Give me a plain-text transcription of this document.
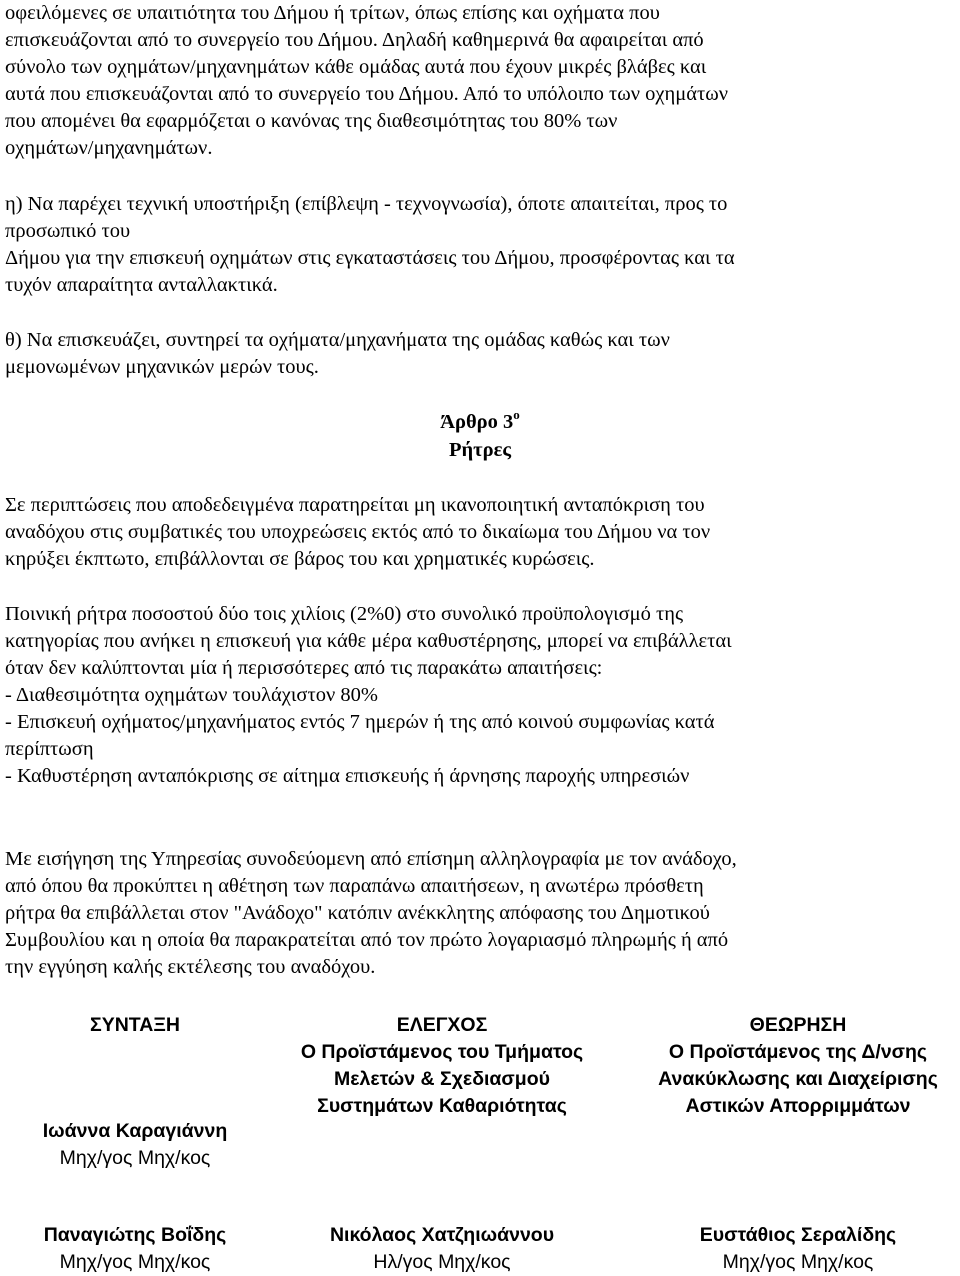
οφειλόμενες σε υπαιτιότητα του Δήμου ή τρίτων, όπως επίσης και οχήματα που
επισκευάζονται από το συνεργείο του Δήμου. Δηλαδή καθημερινά θα αφαιρείται από
σύνολο των οχημάτων/μηχανημάτων κάθε ομάδας αυτά που έχουν μικρές βλάβες και
αυτά που επισκευάζονται από το συνεργείο του Δήμου. Από το υπόλοιπο των οχημάτων
που απομένει θα εφαρμόζεται ο κανόνας της διαθεσιμότητας του 80% των
οχημάτων/μηχανημάτων.
η) Να παρέχει τεχνική υποστήριξη (επίβλεψη - τεχνογνωσία), όποτε απαιτείται, προς το
προσωπικό του
Δήμου για την επισκευή οχημάτων στις εγκαταστάσεις του Δήμου, προσφέροντας και τα
τυχόν απαραίτητα ανταλλακτικά.
θ) Να επισκευάζει, συντηρεί τα οχήματα/μηχανήματα της ομάδας καθώς και των
μεμονωμένων μηχανικών μερών τους.
Άρθρο $3^o$
Ρήτρες
Σε περιπτώσεις που αποδεδειγμένα παρατηρείται μη ικανοποιητική ανταπόκριση του
αναδόχου στις συμβατικές του υποχρεώσεις εκτός από το δικαίωμα του Δήμου να τον
κηρύξει έκπτωτο, επιβάλλονται σε βάρος του και χρηματικές κυρώσεις.
Ποινική ρήτρα ποσοστού δύο τοις χιλίοις (2%0) στο συνολικό προϋπολογισμό της
κατηγορίας που ανήκει η επισκευή για κάθε μέρα καθυστέρησης, μπορεί να επιβάλλεται
όταν δεν καλύπτονται μία ή περισσότερες από τις παρακάτω απαιτήσεις:
- Διαθεσιμότητα οχημάτων τουλάχιστον 80%
- Επισκευή οχήματος/μηχανήματος εντός 7 ημερών ή της από κοινού συμφωνίας κατά
περίπτωση
- Καθυστέρηση ανταπόκρισης σε αίτημα επισκευής ή άρνησης παροχής υπηρεσιών
Με εισήγηση της Υπηρεσίας συνοδεύομενη από επίσημη αλληλογραφία με τον ανάδοχο,
από όπου θα προκύπτει η αθέτηση των παραπάνω απαιτήσεων, η ανωτέρω πρόσθετη
ρήτρα θα επιβάλλεται στον "Ανάδοχο" κατόπιν ανέκκλητης απόφασης του Δημοτικού
Συμβουλίου και η οποία θα παρακρατείται από τον πρώτο λογαριασμό πληρωμής ή από
την εγγύηση καλής εκτέλεσης του αναδόχου.
ΣΥΝΤΑΞΗ
Ιωάννα Καραγιάννη
Μηχ/γος Μηχ/κος
Παναγιώτης Βοΐδης
Μηχ/γος Μηχ/κος
ΕΛΕΓΧΟΣ
Ο Προϊστάμενος του Τμήματος
Μελετών & Σχεδιασμού
Συστημάτων Καθαριότητας
Νικόλαος Χατζηιωάννου
Ηλ/γος Μηχ/κος
ΘΕΩΡΗΣΗ
Ο Προϊστάμενος της Δ/νσης
Ανακύκλωσης και Διαχείρισης
Αστικών Απορριμμάτων
Ευστάθιος Σεραλίδης
Μηχ/γος Μηχ/κος
